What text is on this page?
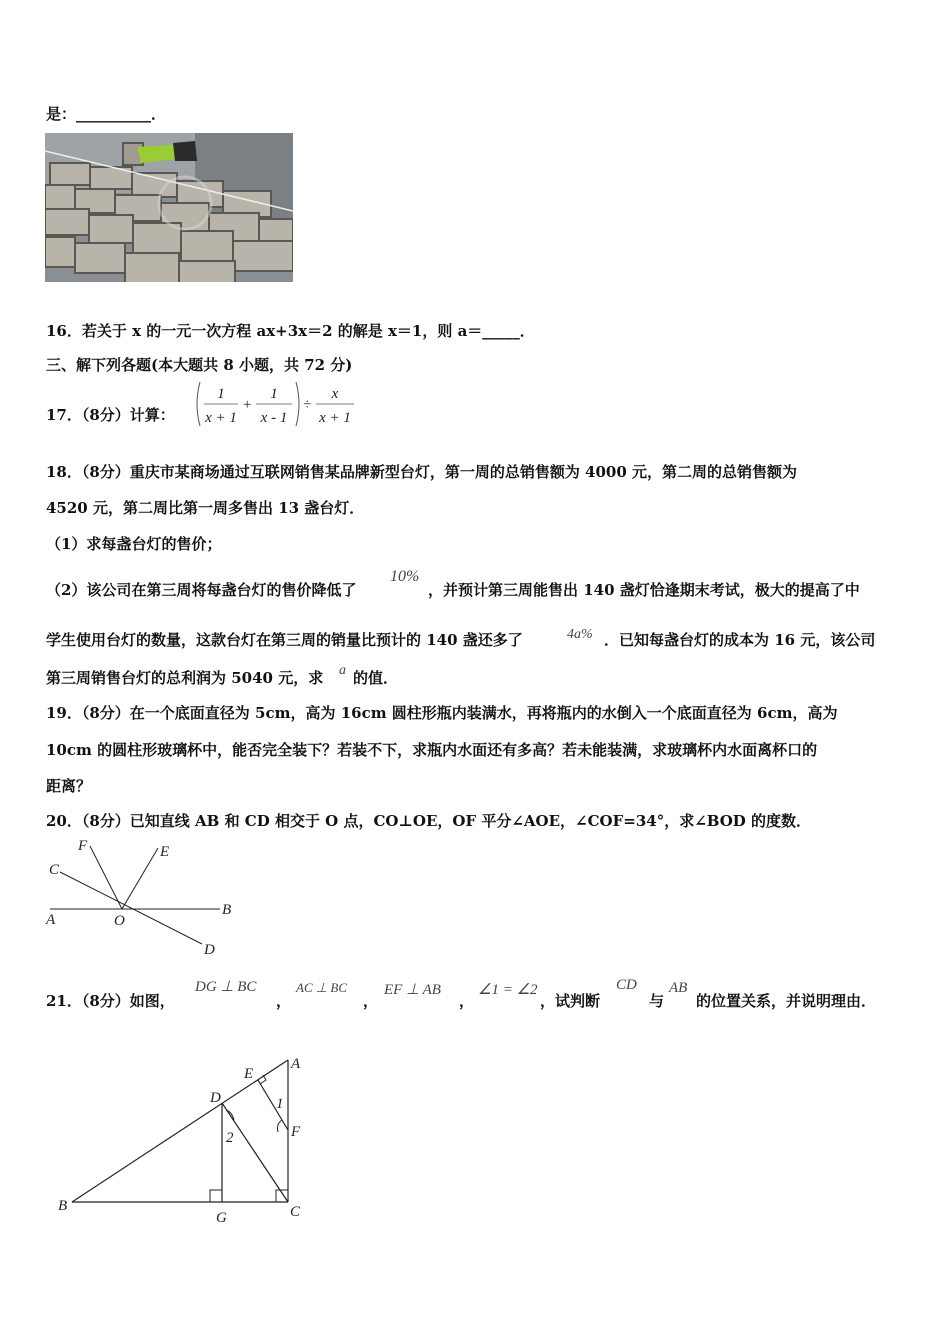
是：__________．
16．若关于 x 的一元一次方程 ax+3x＝2 的解是 x＝1，则 a＝_____．
三、解下列各题(本大题共 8 小题，共 72 分)
17．（8分）计算：
1
x + 1
+
1
x - 1
÷
x
x + 1
18．（8分）重庆市某商场通过互联网销售某品牌新型台灯，第一周的总销售额为 4000 元，第二周的总销售额为
4520 元，第二周比第一周多售出 13 盏台灯．
（1）求每盏台灯的售价；
（2）该公司在第三周将每盏台灯的售价降低了
10%
，并预计第三周能售出 140 盏灯恰逢期末考试，极大的提高了中
学生使用台灯的数量，这款台灯在第三周的销量比预计的 140 盏还多了	4a% ．已知每盏台灯的成本为 16 元，该公司
第三周销售台灯的总利润为 5040 元，求 a 的值．
19．（8分）在一个底面直径为 5cm，高为 16cm 圆柱形瓶内装满水，再将瓶内的水倒入一个底面直径为 6cm，高为
10cm 的圆柱形玻璃杯中，能否完全装下？若装不下，求瓶内水面还有多高？若未能装满，求玻璃杯内水面离杯口的
距离？
20．（8分）已知直线 AB 和 CD 相交于 O 点，CO⊥OE，OF 平分∠AOE，∠COF=34°，求∠BOD 的度数．
C
F	E
A	O
B
D
21．（8分）如图，
DG ⊥ BC
，
AC ⊥ BC
，
EF ⊥ AB
，
∠1 = ∠2
，试判断
CD
与
AB
的位置关系，并说明理由．
A
B	C
D
E
F
G
1
2
